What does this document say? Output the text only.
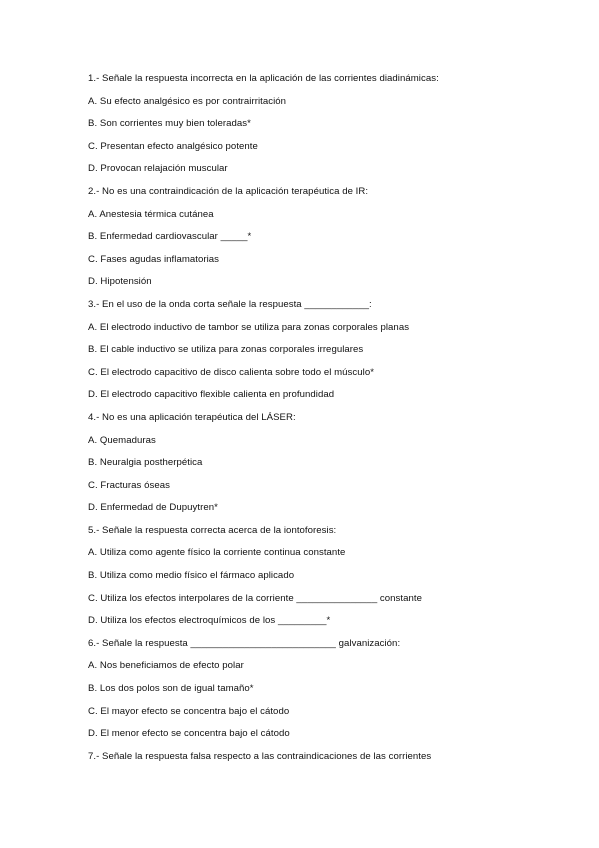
1.- Señale la respuesta incorrecta en la aplicación de las corrientes diadinámicas:
A. Su efecto analgésico es por contrairritación
B. Son corrientes muy bien toleradas*
C. Presentan efecto analgésico potente
D. Provocan relajación muscular
2.- No es una contraindicación de la aplicación terapéutica de IR:
A. Anestesia térmica cutánea
B. Enfermedad cardiovascular _____*
C. Fases agudas inflamatorias
D. Hipotensión
3.- En el uso de la onda corta señale la respuesta ____________:
A. El electrodo inductivo de tambor se utiliza para zonas corporales planas
B. El cable inductivo se utiliza para zonas corporales irregulares
C. El electrodo capacitivo de disco calienta sobre todo el músculo*
D. El electrodo capacitivo flexible calienta en profundidad
4.- No es una aplicación terapéutica del LÁSER:
A. Quemaduras
B. Neuralgia postherpética
C. Fracturas óseas
D. Enfermedad de Dupuytren*
5.- Señale la respuesta correcta acerca de la iontoforesis:
A. Utiliza como agente físico la corriente continua constante
B. Utiliza como medio físico el fármaco aplicado
C. Utiliza los efectos interpolares de la corriente _______________ constante
D. Utiliza los efectos electroquímicos de los _________*
6.- Señale la respuesta ___________________________ galvanización:
A. Nos beneficiamos de efecto polar
B. Los dos polos son de igual tamaño*
C. El mayor efecto se concentra bajo el cátodo
D. El menor efecto se concentra bajo el cátodo
7.- Señale la respuesta falsa respecto a las contraindicaciones de las corrientes
